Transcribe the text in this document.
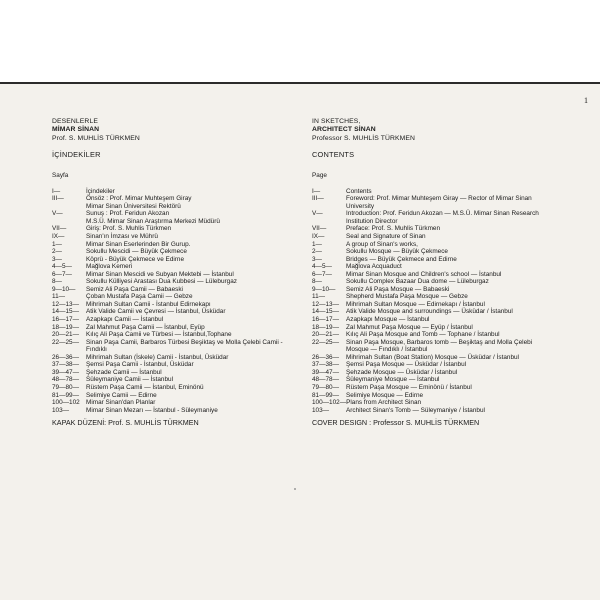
1

DESENLERLE

MİMAR SİNAN

Prof. S. MUHLİS TÜRKMEN

İÇİNDEKİLER
Sayfa
I—	İçindekiler
III—	Önsöz : Prof. Mimar Muhteşem Giray
Mimar Sinan Üniversitesi Rektörü
V—	Sunuş : Prof. Feridun Akozan
M.S.Ü. Mimar Sinan Araştırma Merkezi Müdürü
VII—	Giriş: Prof. S. Muhlis Türkmen
IX—	Sinan'ın İmzası ve Mührü
1—	Mimar Sinan Eserlerinden Bir Gurup.
2—	Sokullu Mescidi — Büyük Çekmece
3—	Köprü - Büyük Çekmece ve Edirne
4—5—	Mağlova Kemeri
6—7—	Mimar Sinan Mescidi ve Subyan Mektebi — İstanbul
8—	Sokullu Külliyesi Arastası Dua Kubbesi — Lüleburgaz
9—10—	Semiz Ali Paşa Camii — Babaeski
11—	Çoban Mustafa Paşa Camii — Gebze
12—13—	Mihrimah Sultan Camii - İstanbul Edirnekapı
14—15—	Atik Valide Camii ve Çevresi — İstanbul, Üsküdar
16—17—	Azapkapı Camii — İstanbul
18—19—	Zal Mahmut Paşa Camii — İstanbul, Eyüp
20—21—	Kılıç Ali Paşa Camii ve Türbesi — İstanbul,Tophane
22—25—	Sinan Paşa Camii, Barbaros Türbesi Beşiktaş ve Molla Çelebi Camii - Fındıklı
26—36—	Mihrimah Sultan (İskele) Camii - İstanbul, Üsküdar
37—38—	Şemsi Paşa Camii - İstanbul, Üsküdar
39—47—	Şehzade Camii — İstanbul
48—78—	Süleymaniye Camii — İstanbul
79—80—	Rüstem Paşa Camii — İstanbul, Eminönü
81—99—	Selimiye Camii — Edirne
100—102 Mimar Sinan'dan Planlar
103—	Mimar Sinan Mezarı — İstanbul - Süleymaniye
KAPAK DÜZENİ: Prof. S. MUHLİS TÜRKMEN

IN SKETCHES,

ARCHITECT SİNAN

Professor S. MUHLİS TÜRKMEN

CONTENTS
Page
I—	Contents
III—	Foreword: Prof. Mimar Muhteşem Giray — Rector of Mimar Sinan University
V—	Introduction: Prof. Feridun Akozan — M.S.Ü. Mimar Sinan Research Institution Director
VII—	Preface: Prof. S. Muhlis Türkmen
IX—	Seal and Signature of Sinan
1—	A group of Sinan's works,
2—	Sokullu Mosque — Büyük Çekmece
3—	Bridges — Büyük Çekmece and Edirne
4—5—	Mağlova Acquaduct
6—7—	Mimar Sinan Mosque and Children's school — İstanbul
8—	Sokullu Complex Bazaar Dua dome — Lüleburgaz
9—10—	Semiz Ali Paşa Mosque — Babaeski
11—	Shepherd Mustafa Paşa Mosque — Gebze
12—13—	Mihrimah Sultan Mosque — Edirnekapı / İstanbul
14—15—	Atik Valide Mosque and surroundings — Üsküdar / İstanbul
16—17—	Azapkapı Mosque — İstanbul
18—19—	Zal Mahmut Paşa Mosque — Eyüp / İstanbul
20—21—	Kılıç Ali Paşa Mosque and Tomb — Tophane / İstanbul
22—25—	Sinan Paşa Mosque, Barbaros tomb — Beşiktaş and Molla Çelebi Mosque — Fındıklı / İstanbul
26—36—	Mihrimah Sultan (Boat Station) Mosque — Üsküdar / İstanbul
37—38—	Şemsi Paşa Mosque — Üsküdar / İstanbul
39—47—	Şehzade Mosque — Üsküdar / İstanbul
48—78—	Süleymaniye Mosque — İstanbul
79—80—	Rüstem Paşa Mosque — Eminönü / İstanbul
81—99—	Selimiye Mosque — Edirne
100—102— Plans from Architect Sinan
103—	Architect Sinan's Tomb — Süleymaniye / İstanbul
COVER DESIGN : Professor S. MUHLİS TÜRKMEN
